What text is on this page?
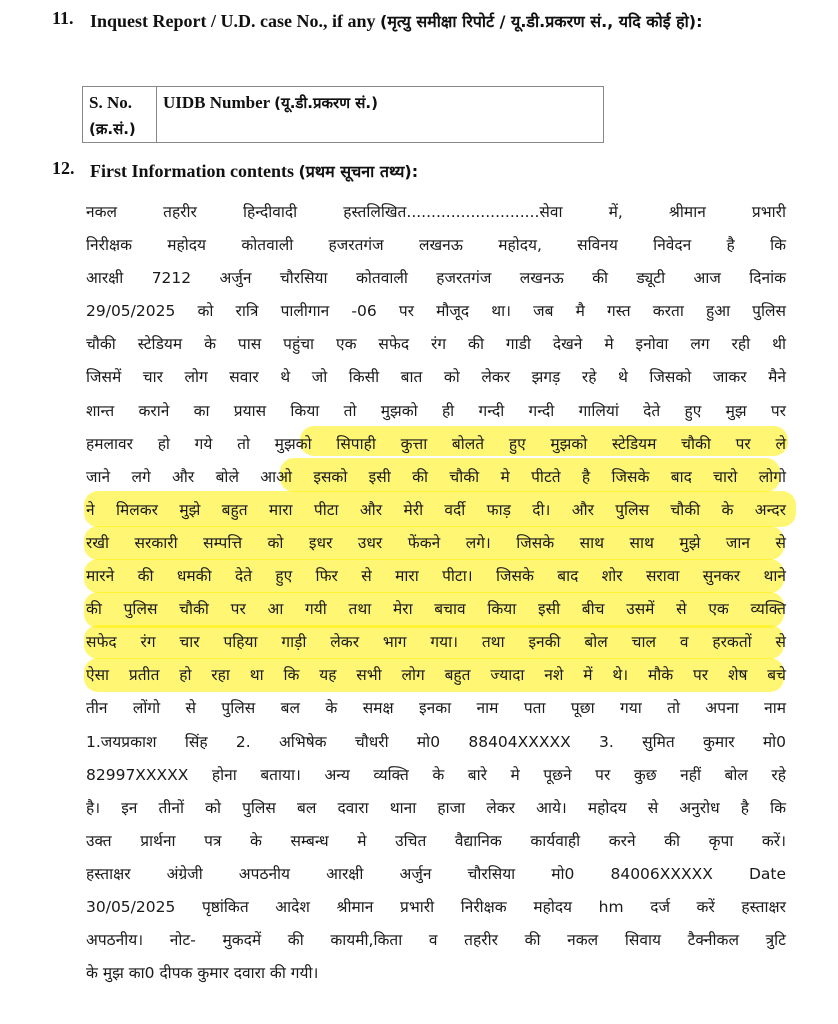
11. Inquest Report / U.D. case No., if any (मृत्यु समीक्षा रिपोर्ट / यू.डी.प्रकरण सं., यदि कोई हो):
S. No.
(क्र.सं.)
UIDB Number (यू.डी.प्रकरण सं.)
12. First Information contents (प्रथम सूचना तथ्य):
नकल तहरीर हिन्दीवादी हस्तलिखित...........................सेवा में, श्रीमान प्रभारी
निरीक्षक महोदय कोतवाली हजरतगंज लखनऊ महोदय, सविनय निवेदन है कि
आरक्षी 7212 अर्जुन चौरसिया कोतवाली हजरतगंज लखनऊ की ड्यूटी आज दिनांक
29/05/2025 को रात्रि पालीगान -06 पर मौजूद था। जब मै गस्त करता हुआ पुलिस
चौकी स्टेडियम के पास पहुंचा एक सफेद रंग की गाडी देखने मे इनोवा लग रही थी
जिसमें चार लोग सवार थे जो किसी बात को लेकर झगड़ रहे थे जिसको जाकर मैने
शान्त कराने का प्रयास किया तो मुझको ही गन्दी गन्दी गालियां देते हुए मुझ पर
हमलावर हो गये तो मुझको सिपाही कुत्ता बोलते हुए मुझको स्टेडियम चौकी पर ले
जाने लगे और बोले आओ इसको इसी की चौकी मे पीटते है जिसके बाद चारो लोगो
ने मिलकर मुझे बहुत मारा पीटा और मेरी वर्दी फाड़ दी। और पुलिस चौकी के अन्दर
रखी सरकारी सम्पत्ति को इधर उधर फेंकने लगे। जिसके साथ साथ मुझे जान से
मारने की धमकी देते हुए फिर से मारा पीटा। जिसके बाद शोर सरावा सुनकर थाने
की पुलिस चौकी पर आ गयी तथा मेरा बचाव किया इसी बीच उसमें से एक व्यक्ति
सफेद रंग चार पहिया गाड़ी लेकर भाग गया। तथा इनकी बोल चाल व हरकतों से
ऐसा प्रतीत हो रहा था कि यह सभी लोग बहुत ज्यादा नशे में थे। मौके पर शेष बचे
तीन लोंगो से पुलिस बल के समक्ष इनका नाम पता पूछा गया तो अपना नाम
1.जयप्रकाश सिंह 2. अभिषेक चौधरी मो0 88404XXXXX 3. सुमित कुमार मो0
82997XXXXX होना बताया। अन्य व्यक्ति के बारे मे पूछने पर कुछ नहीं बोल रहे
है। इन तीनों को पुलिस बल दवारा थाना हाजा लेकर आये। महोदय से अनुरोध है कि
उक्त प्रार्थना पत्र के सम्बन्ध मे उचित वैद्यानिक कार्यवाही करने की कृपा करें।
हस्ताक्षर अंग्रेजी अपठनीय आरक्षी अर्जुन चौरसिया मो0 84006XXXXX Date
30/05/2025 पृष्ठांकित आदेश श्रीमान प्रभारी निरीक्षक महोदय hm दर्ज करें हस्ताक्षर
अपठनीय। नोट- मुकदमें की कायमी,किता व तहरीर की नकल सिवाय टैक्नीकल त्रुटि
के मुझ का0 दीपक कुमार दवारा की गयी।
